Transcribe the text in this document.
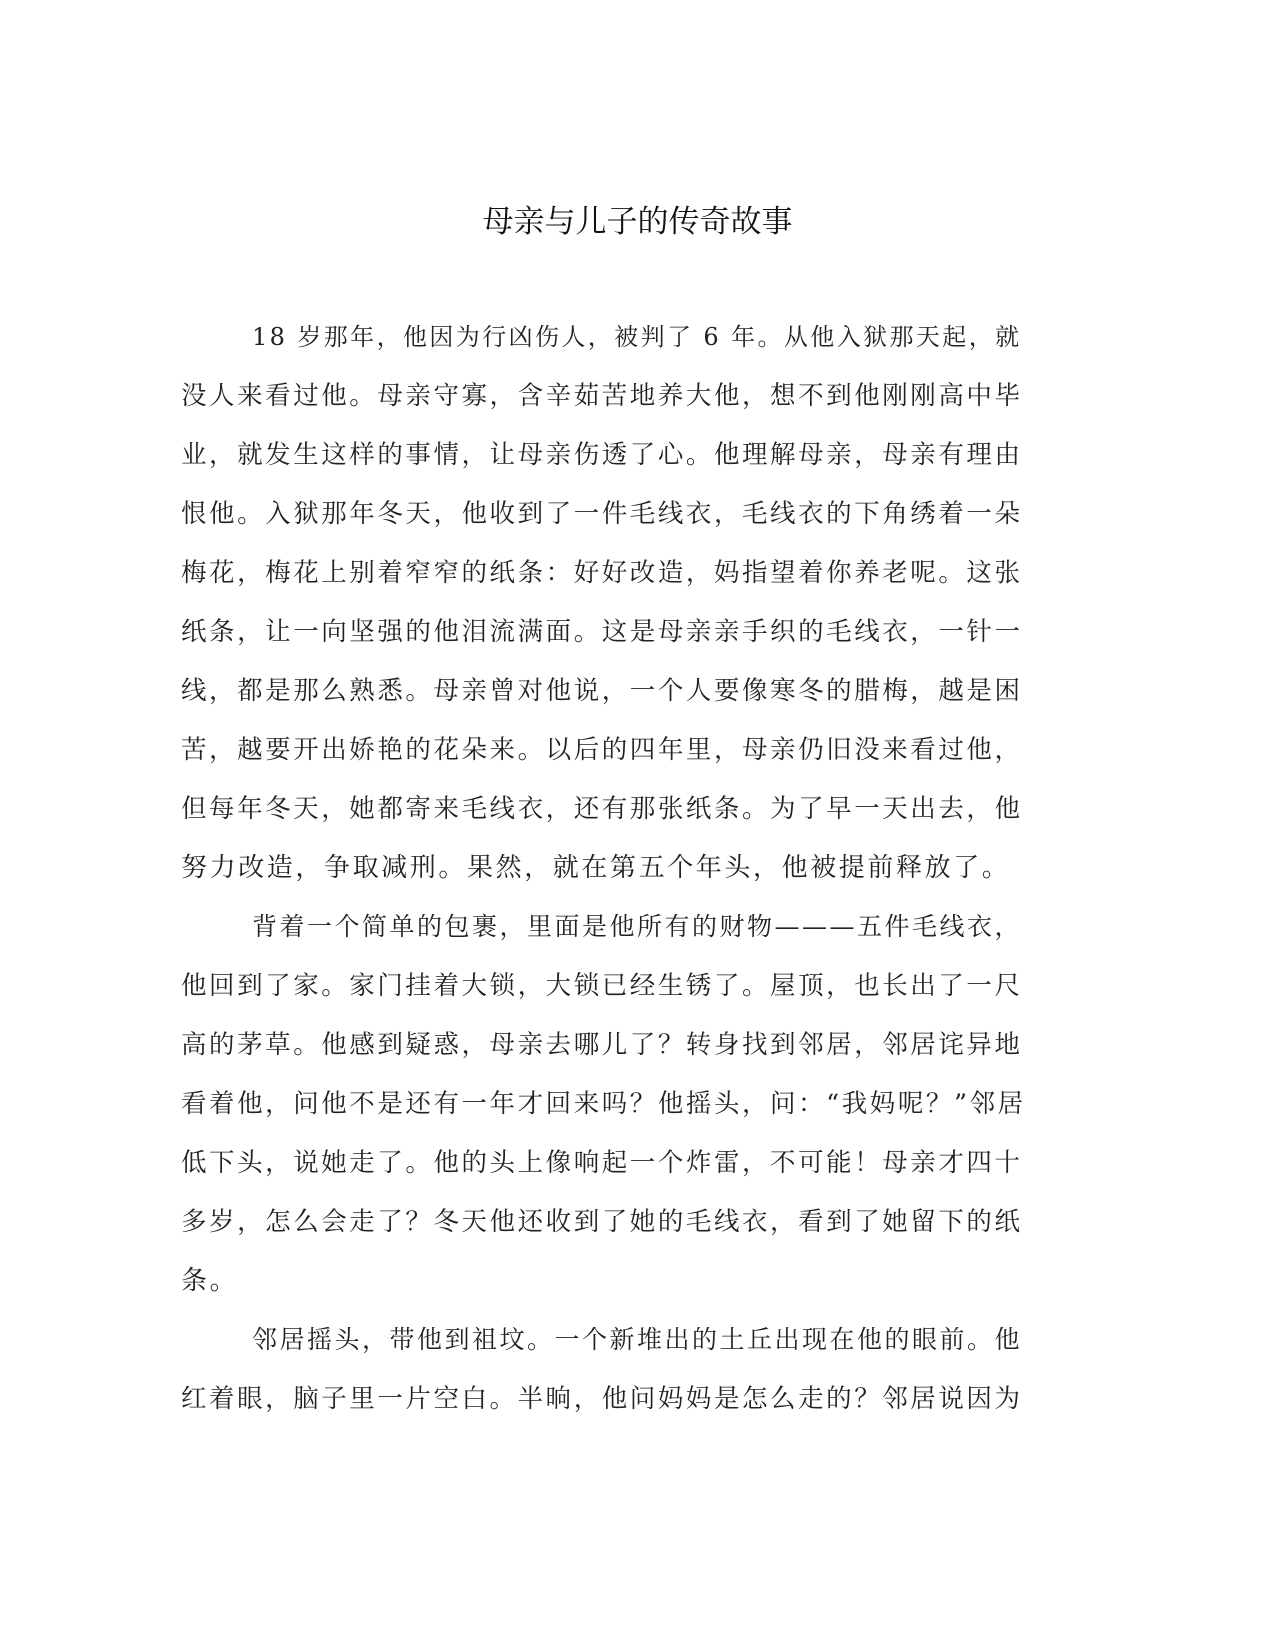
母亲与儿子的传奇故事

18 岁那年，他因为行凶伤人，被判了 6 年。从他入狱那天起，就

没人来看过他。母亲守寡，含辛茹苦地养大他，想不到他刚刚高中毕

业，就发生这样的事情，让母亲伤透了心。他理解母亲，母亲有理由

恨他。入狱那年冬天，他收到了一件毛线衣，毛线衣的下角绣着一朵

梅花，梅花上别着窄窄的纸条：好好改造，妈指望着你养老呢。这张

纸条，让一向坚强的他泪流满面。这是母亲亲手织的毛线衣，一针一

线，都是那么熟悉。母亲曾对他说，一个人要像寒冬的腊梅，越是困

苦，越要开出娇艳的花朵来。以后的四年里，母亲仍旧没来看过他，

但每年冬天，她都寄来毛线衣，还有那张纸条。为了早一天出去，他

努力改造，争取减刑。果然，就在第五个年头，他被提前释放了。

背着一个简单的包裹，里面是他所有的财物———五件毛线衣，

他回到了家。家门挂着大锁，大锁已经生锈了。屋顶，也长出了一尺

高的茅草。他感到疑惑，母亲去哪儿了？转身找到邻居，邻居诧异地

看着他，问他不是还有一年才回来吗？他摇头，问：“我妈呢？”邻居

低下头，说她走了。他的头上像响起一个炸雷，不可能！母亲才四十

多岁，怎么会走了？冬天他还收到了她的毛线衣，看到了她留下的纸

条。

邻居摇头，带他到祖坟。一个新堆出的土丘出现在他的眼前。他

红着眼，脑子里一片空白。半晌，他问妈妈是怎么走的？邻居说因为
